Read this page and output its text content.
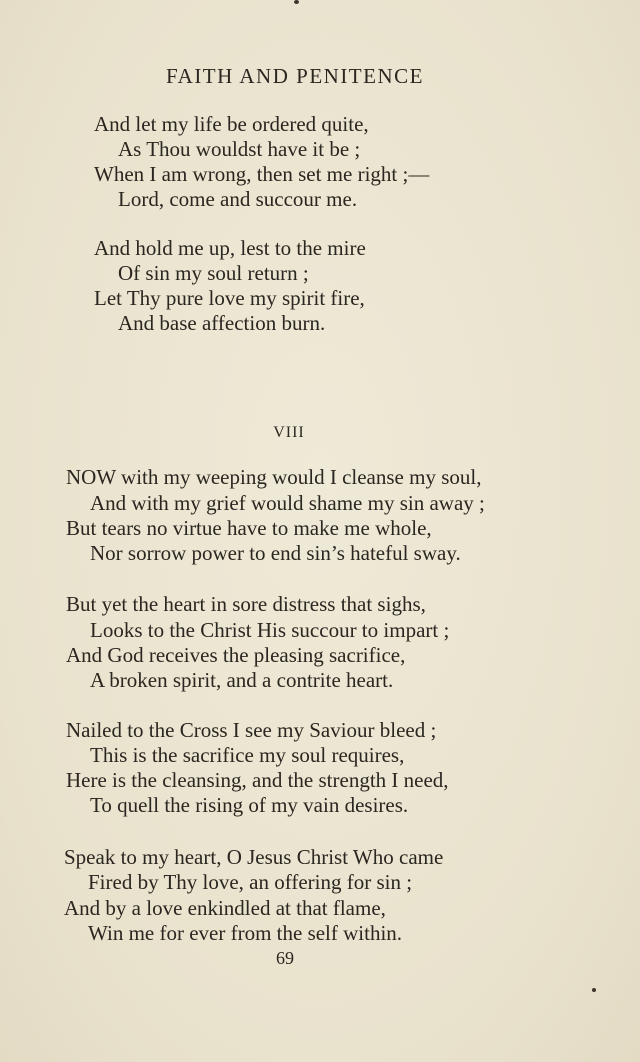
FAITH AND PENITENCE
And let my life be ordered quite,
As Thou wouldst have it be ;
When I am wrong, then set me right ;—
Lord, come and succour me.
And hold me up, lest to the mire
Of sin my soul return ;
Let Thy pure love my spirit fire,
And base affection burn.
VIII
NOW with my weeping would I cleanse my soul,
And with my grief would shame my sin away ;
But tears no virtue have to make me whole,
Nor sorrow power to end sin’s hateful sway.
But yet the heart in sore distress that sighs,
Looks to the Christ His succour to impart ;
And God receives the pleasing sacrifice,
A broken spirit, and a contrite heart.
Nailed to the Cross I see my Saviour bleed ;
This is the sacrifice my soul requires,
Here is the cleansing, and the strength I need,
To quell the rising of my vain desires.
Speak to my heart, O Jesus Christ Who came
Fired by Thy love, an offering for sin ;
And by a love enkindled at that flame,
Win me for ever from the self within.
69
